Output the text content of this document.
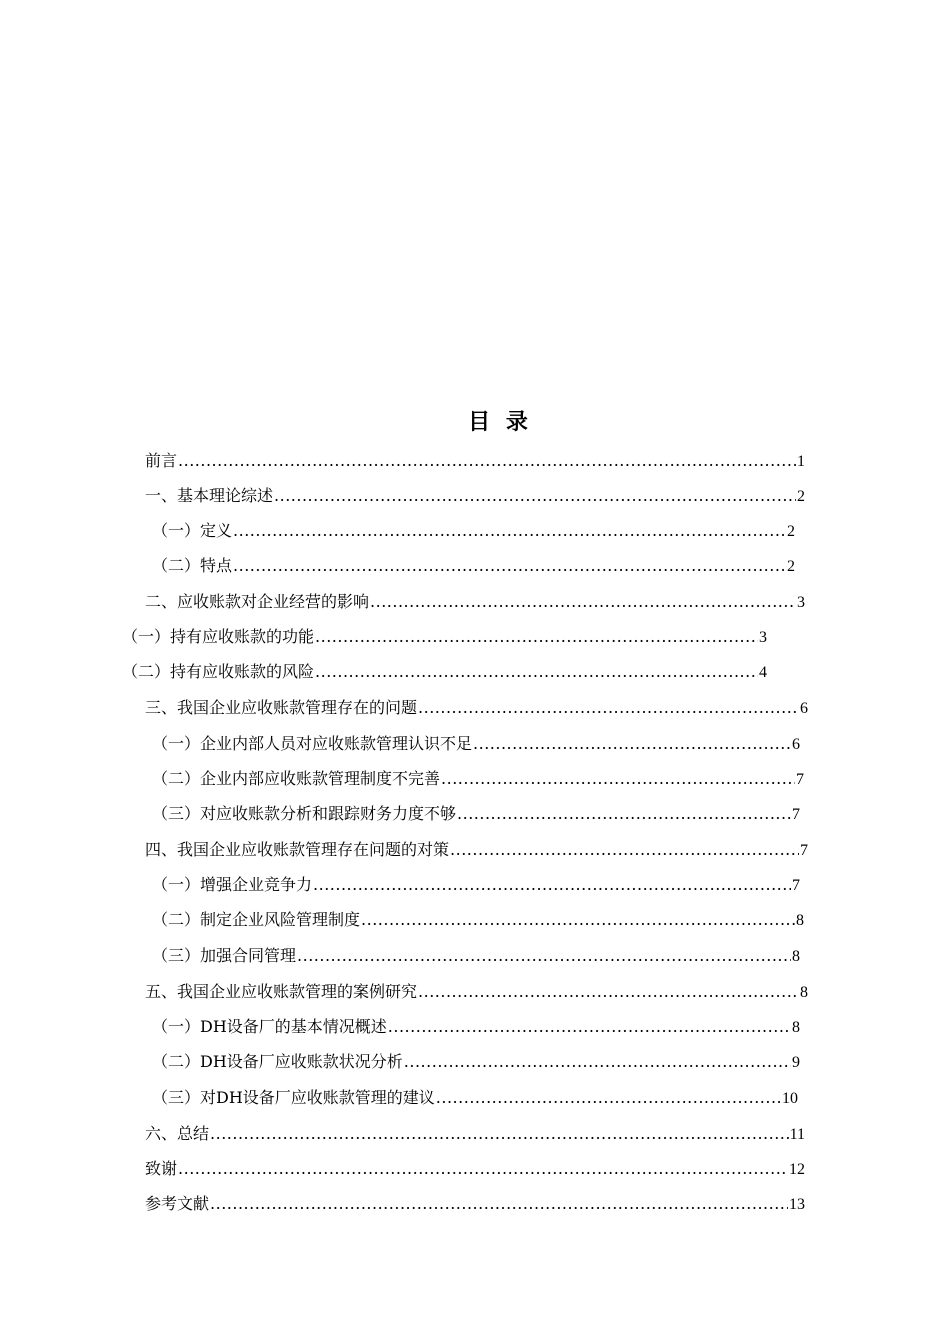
目 录
前言 .....	1
一、基本理论综述 .....	2
（一）定义 .....	2
（二）特点 .....	2
二、应收账款对企业经营的影响 .....	3
（一）持有应收账款的功能 .....	3
（二）持有应收账款的风险 .....	4
三、我国企业应收账款管理存在的问题 .....	6
（一）企业内部人员对应收账款管理认识不足 .....	6
（二）企业内部应收账款管理制度不完善 .....	7
（三）对应收账款分析和跟踪财务力度不够 .....	7
四、我国企业应收账款管理存在问题的对策 .....	7
（一）增强企业竞争力 .....	7
（二）制定企业风险管理制度 .....	8
（三）加强合同管理 .....	8
五、我国企业应收账款管理的案例研究 .....	8
（一）DH设备厂的基本情况概述 .....	8
（二）DH设备厂应收账款状况分析 .....	9
（三）对DH设备厂应收账款管理的建议 .....	10
六、总结 .....	11
致谢 .....	12
参考文献 .....	13
